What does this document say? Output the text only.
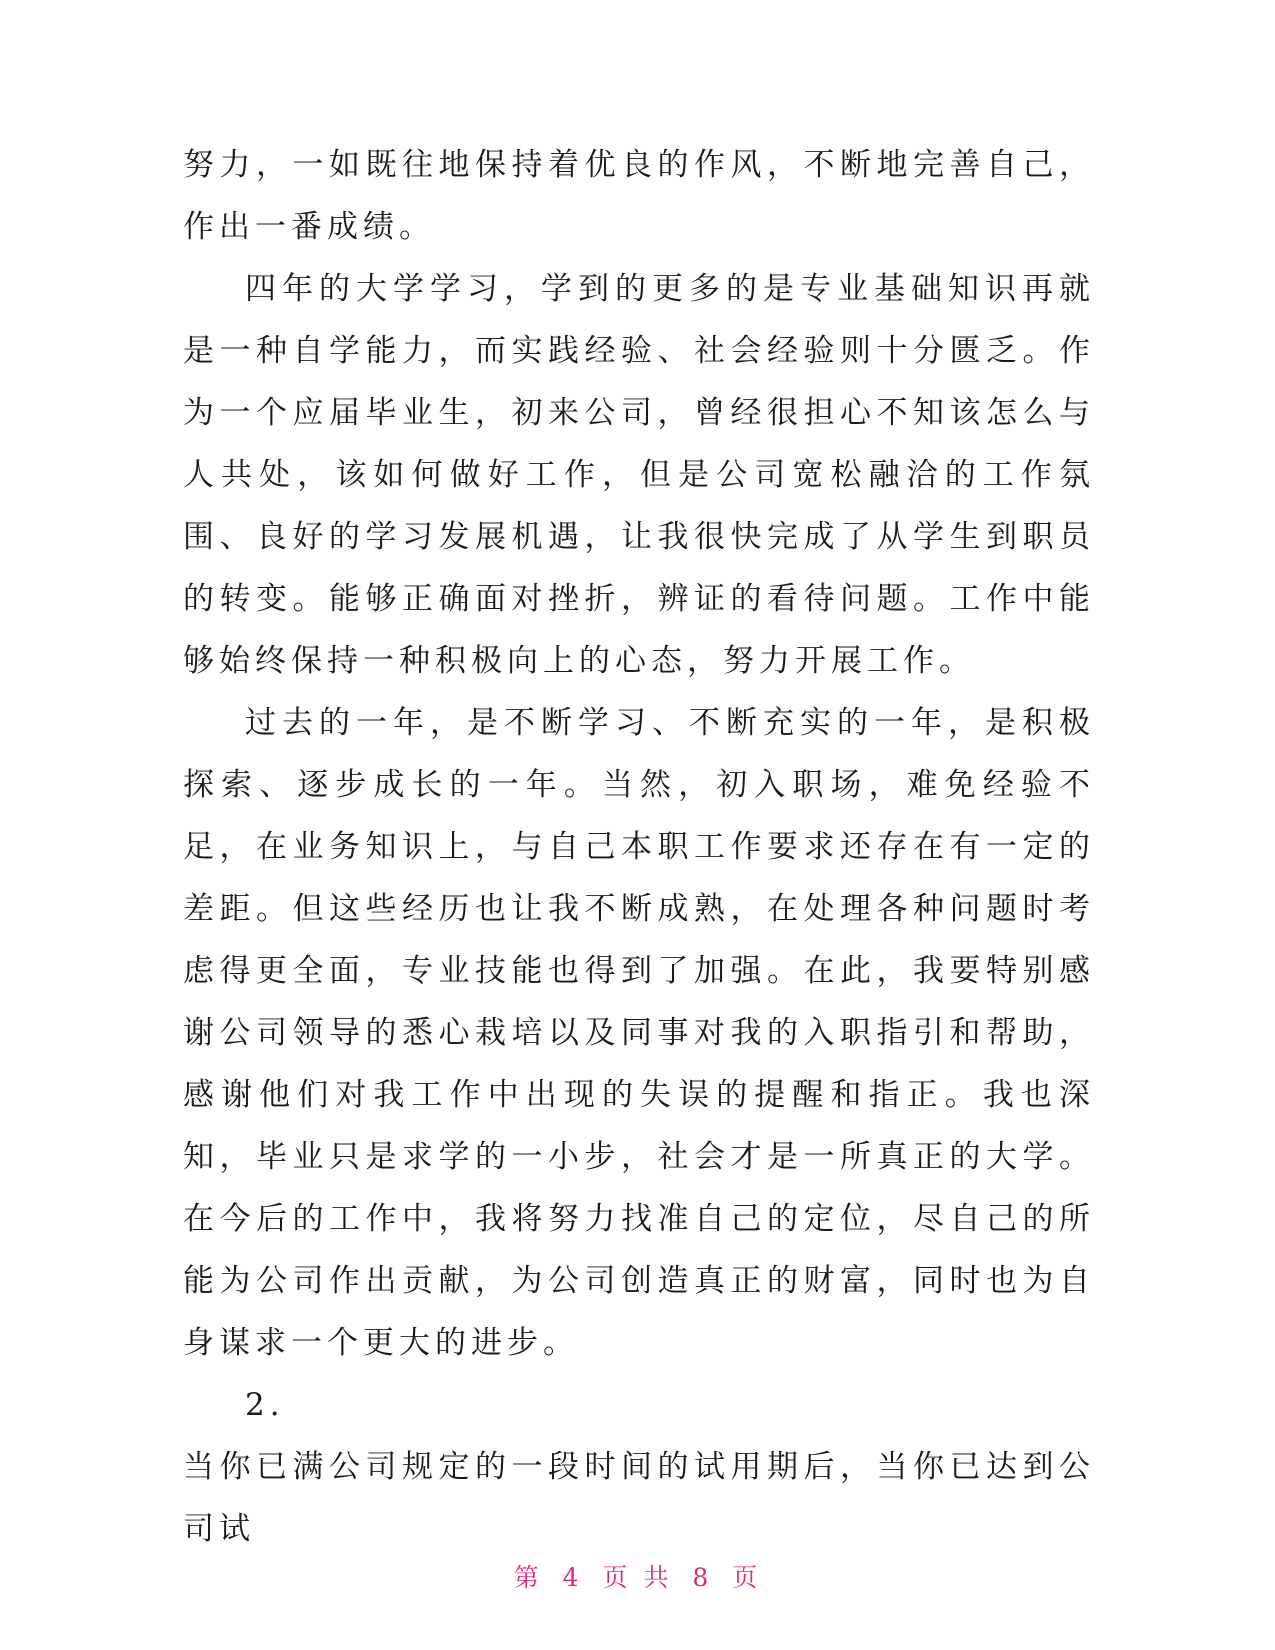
努力，一如既往地保持着优良的作风，不断地完善自己，作出一番成绩。

四年的大学学习，学到的更多的是专业基础知识再就是一种自学能力，而实践经验、社会经验则十分匮乏。作为一个应届毕业生，初来公司，曾经很担心不知该怎么与人共处，该如何做好工作，但是公司宽松融洽的工作氛围、良好的学习发展机遇，让我很快完成了从学生到职员的转变。能够正确面对挫折，辨证的看待问题。工作中能够始终保持一种积极向上的心态，努力开展工作。

过去的一年，是不断学习、不断充实的一年，是积极探索、逐步成长的一年。当然，初入职场，难免经验不足，在业务知识上，与自己本职工作要求还存在有一定的差距。但这些经历也让我不断成熟，在处理各种问题时考虑得更全面，专业技能也得到了加强。在此，我要特别感谢公司领导的悉心栽培以及同事对我的入职指引和帮助，感谢他们对我工作中出现的失误的提醒和指正。我也深知，毕业只是求学的一小步，社会才是一所真正的大学。在今后的工作中，我将努力找准自己的定位，尽自己的所能为公司作出贡献，为公司创造真正的财富，同时也为自身谋求一个更大的进步。

2.

当你已满公司规定的一段时间的试用期后，当你已达到公司试

第 4 页 共 8 页
